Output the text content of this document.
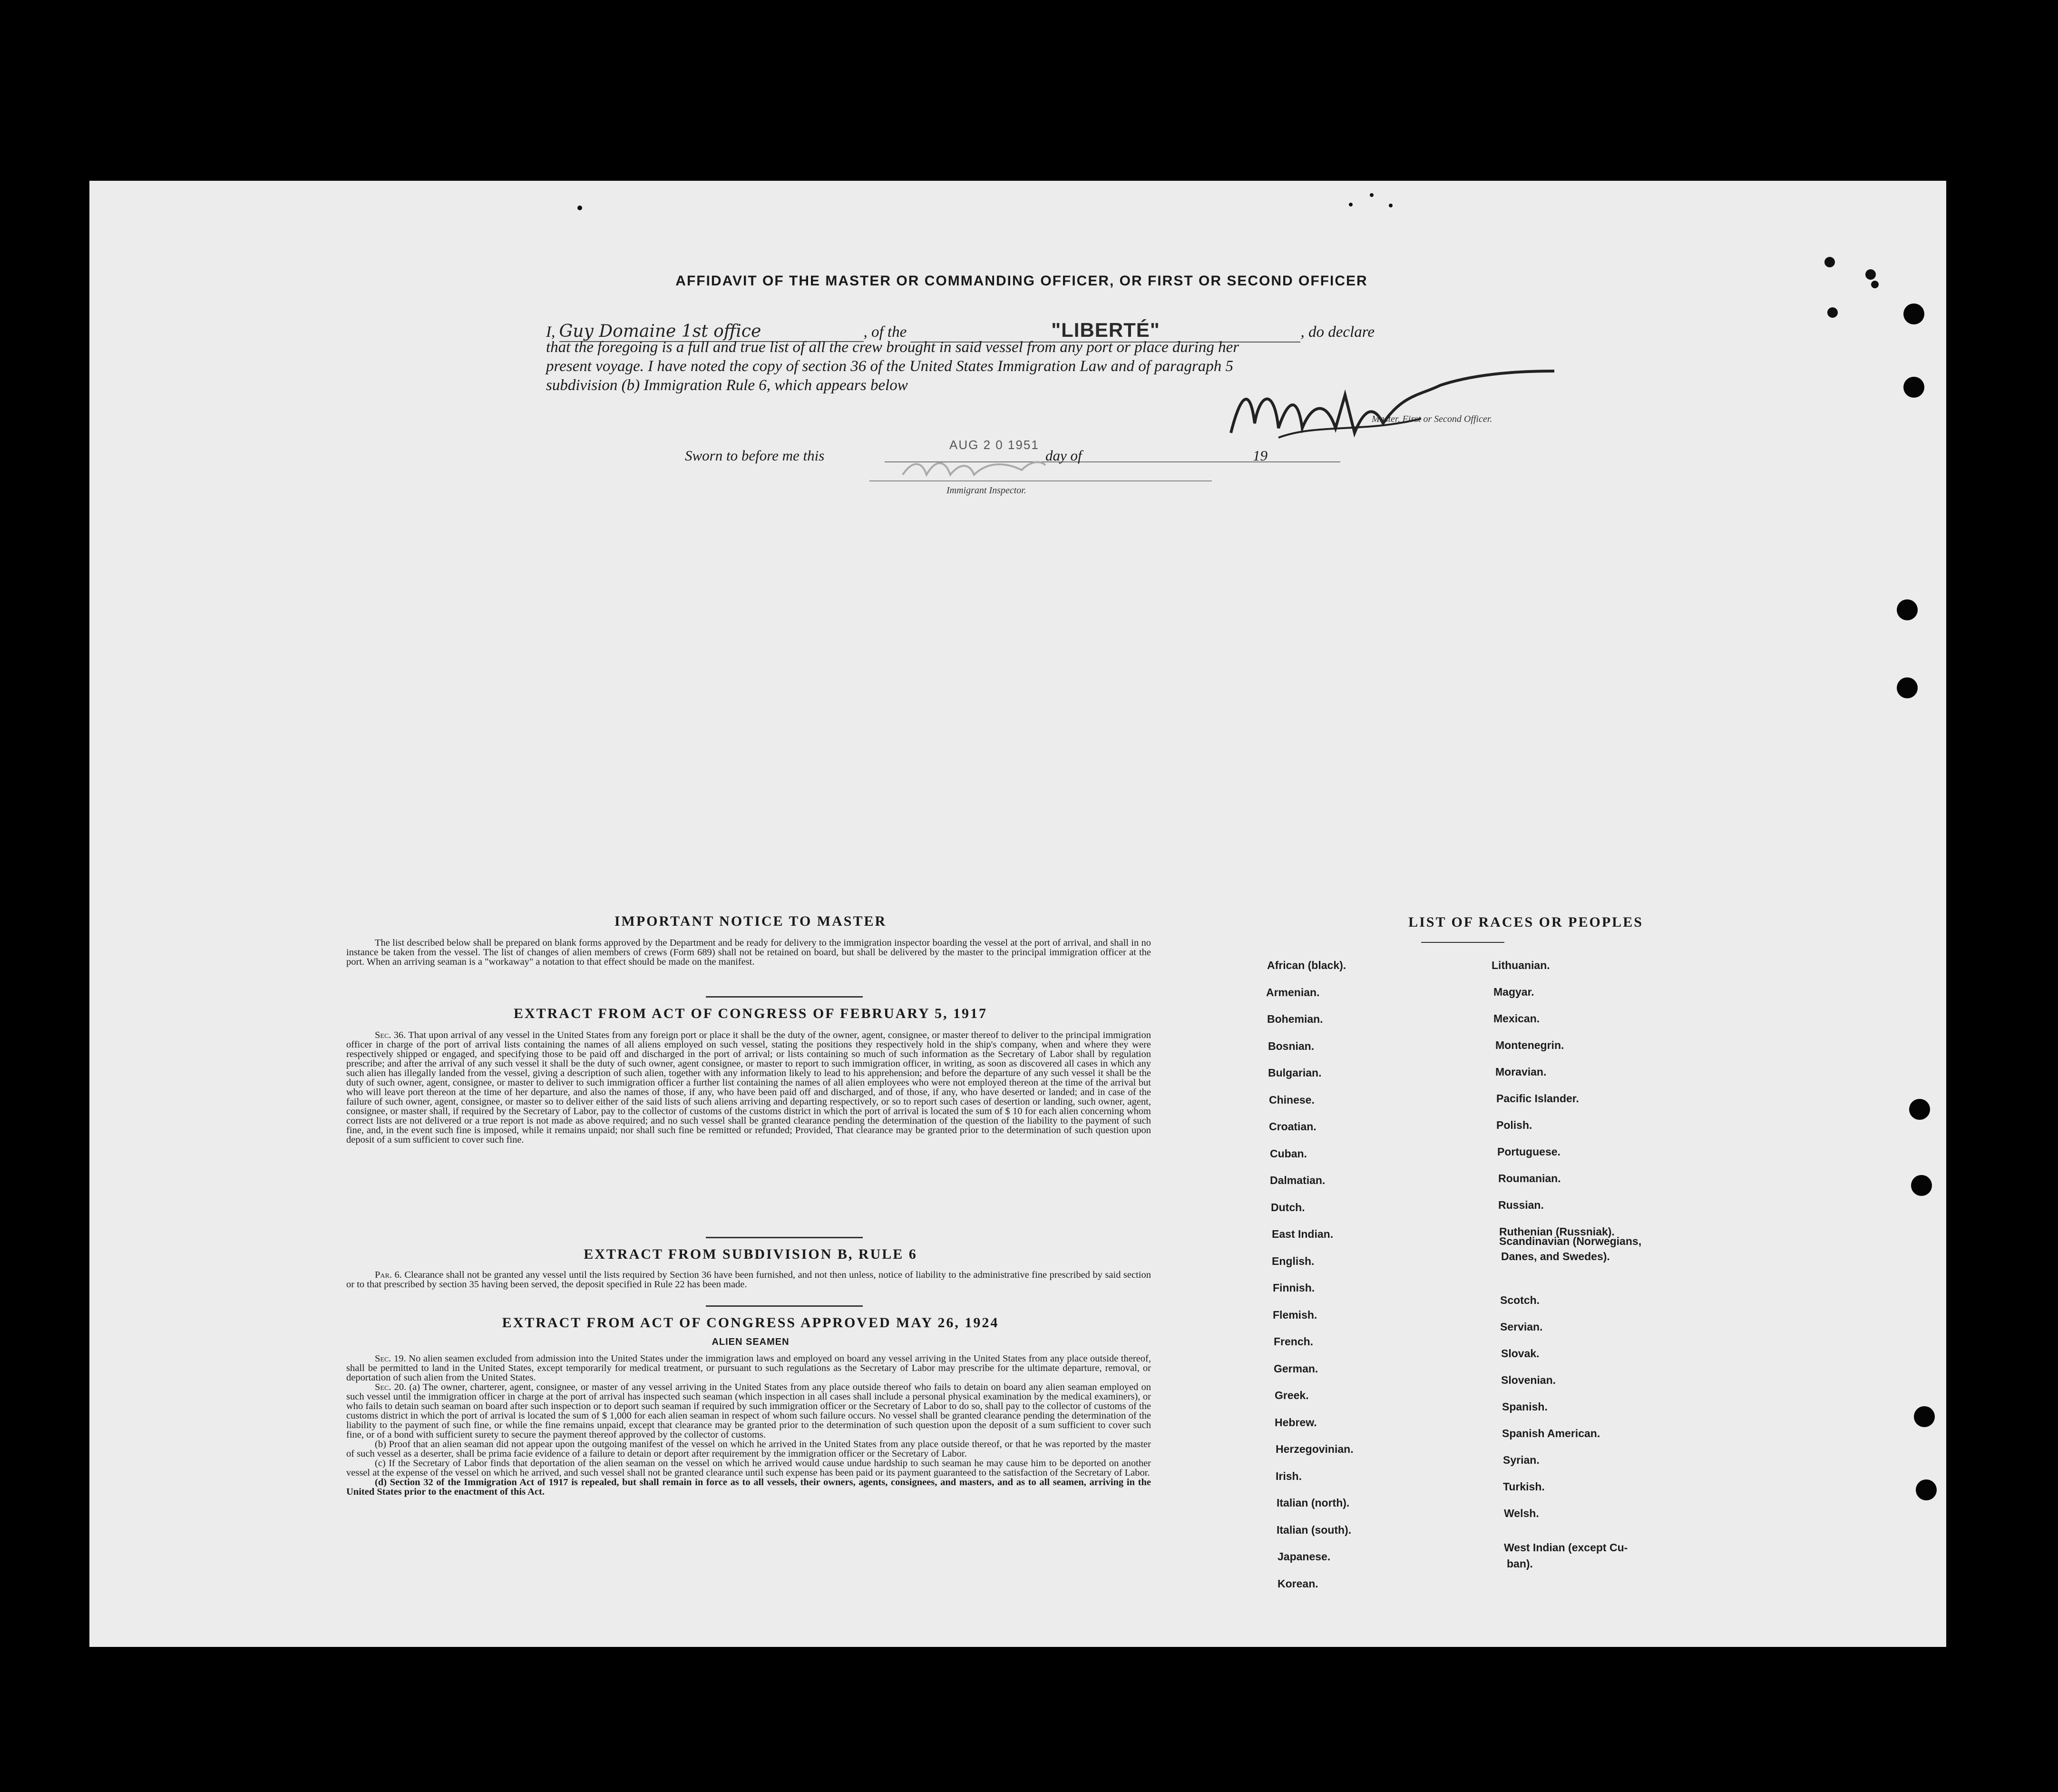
AFFIDAVIT OF THE MASTER OR COMMANDING OFFICER, OR FIRST OR SECOND OFFICER
I, Guy Domaine 1st office	, of the	"LIBERTÉ"	, do declare
that the foregoing is a full and true list of all the crew brought in said vessel from any port or place during her
present voyage. I have noted the copy of section 36 of the United States Immigration Law and of paragraph 5
subdivision (b) Immigration Rule 6, which appears below
Master, First or Second Officer.
Sworn to before me this
AUG 2 0 1951
day of	19
Immigrant Inspector.
IMPORTANT NOTICE TO MASTER
The list described below shall be prepared on blank forms approved by the Department and be ready for delivery to the immigration inspector boarding the vessel at the port of arrival, and shall in no instance be taken from the vessel. The list of changes of alien members of crews (Form 689) shall not be retained on board, but shall be delivered by the master to the principal immigration officer at the port. When an arriving seaman is a "workaway" a notation to that effect should be made on the manifest.
EXTRACT FROM ACT OF CONGRESS OF FEBRUARY 5, 1917
Sec. 36. That upon arrival of any vessel in the United States from any foreign port or place it shall be the duty of the owner, agent, consignee, or master thereof to deliver to the principal immigration officer in charge of the port of arrival lists containing the names of all aliens employed on such vessel, stating the positions they respectively hold in the ship's company, when and where they were respectively shipped or engaged, and specifying those to be paid off and discharged in the port of arrival; or lists containing so much of such information as the Secretary of Labor shall by regulation prescribe; and after the arrival of any such vessel it shall be the duty of such owner, agent consignee, or master to report to such immigration officer, in writing, as soon as discovered all cases in which any such alien has illegally landed from the vessel, giving a description of such alien, together with any information likely to lead to his apprehension; and before the departure of any such vessel it shall be the duty of such owner, agent, consignee, or master to deliver to such immigration officer a further list containing the names of all alien employees who were not employed thereon at the time of the arrival but who will leave port thereon at the time of her departure, and also the names of those, if any, who have been paid off and discharged, and of those, if any, who have deserted or landed; and in case of the failure of such owner, agent, consignee, or master so to deliver either of the said lists of such aliens arriving and departing respectively, or so to report such cases of desertion or landing, such owner, agent, consignee, or master shall, if required by the Secretary of Labor, pay to the collector of customs of the customs district in which the port of arrival is located the sum of $ 10 for each alien concerning whom correct lists are not delivered or a true report is not made as above required; and no such vessel shall be granted clearance pending the determination of the question of the liability to the payment of such fine, and, in the event such fine is imposed, while it remains unpaid; nor shall such fine be remitted or refunded; Provided, That clearance may be granted prior to the determination of such question upon deposit of a sum sufficient to cover such fine.
EXTRACT FROM SUBDIVISION B, RULE 6
Par. 6. Clearance shall not be granted any vessel until the lists required by Section 36 have been furnished, and not then unless, notice of liability to the administrative fine prescribed by said section or to that prescribed by section 35 having been served, the deposit specified in Rule 22 has been made.
EXTRACT FROM ACT OF CONGRESS APPROVED MAY 26, 1924
ALIEN SEAMEN
Sec. 19. No alien seamen excluded from admission into the United States under the immigration laws and employed on board any vessel arriving in the United States from any place outside thereof, shall be permitted to land in the United States, except temporarily for medical treatment, or pursuant to such regulations as the Secretary of Labor may prescribe for the ultimate departure, removal, or deportation of such alien from the United States.
Sec. 20. (a) The owner, charterer, agent, consignee, or master of any vessel arriving in the United States from any place outside thereof who fails to detain on board any alien seaman employed on such vessel until the immigration officer in charge at the port of arrival has inspected such seaman (which inspection in all cases shall include a personal physical examination by the medical examiners), or who fails to detain such seaman on board after such inspection or to deport such seaman if required by such immigration officer or the Secretary of Labor to do so, shall pay to the collector of customs of the customs district in which the port of arrival is located the sum of $ 1,000 for each alien seaman in respect of whom such failure occurs. No vessel shall be granted clearance pending the determination of the liability to the payment of such fine, or while the fine remains unpaid, except that clearance may be granted prior to the determination of such question upon the deposit of a sum sufficient to cover such fine, or of a bond with sufficient surety to secure the payment thereof approved by the collector of customs.
(b) Proof that an alien seaman did not appear upon the outgoing manifest of the vessel on which he arrived in the United States from any place outside thereof, or that he was reported by the master of such vessel as a deserter, shall be prima facie evidence of a failure to detain or deport after requirement by the immigration officer or the Secretary of Labor.
(c) If the Secretary of Labor finds that deportation of the alien seaman on the vessel on which he arrived would cause undue hardship to such seaman he may cause him to be deported on another vessel at the expense of the vessel on which he arrived, and such vessel shall not be granted clearance until such expense has been paid or its payment guaranteed to the satisfaction of the Secretary of Labor.
(d) Section 32 of the Immigration Act of 1917 is repealed, but shall remain in force as to all vessels, their owners, agents, consignees, and masters, and as to all seamen, arriving in the United States prior to the enactment of this Act.
LIST OF RACES OR PEOPLES
African (black).
Armenian.
Bohemian.
Bosnian.
Bulgarian.
Chinese.
Croatian.
Cuban.
Dalmatian.
Dutch.
East Indian.
English.
Finnish.
Flemish.
French.
German.
Greek.
Hebrew.
Herzegovinian.
Irish.
Italian (north).
Italian (south).
Japanese.
Korean.
Lithuanian.
Magyar.
Mexican.
Montenegrin.
Moravian.
Pacific Islander.
Polish.
Portuguese.
Roumanian.
Russian.
Ruthenian (Russniak).
Scandinavian (Norwegians,
Scotch.
Servian.
Slovak.
Slovenian.
Spanish.
Spanish American.
Syrian.
Turkish.
Welsh.
West Indian (except Cu-
Danes, and Swedes).
ban).
